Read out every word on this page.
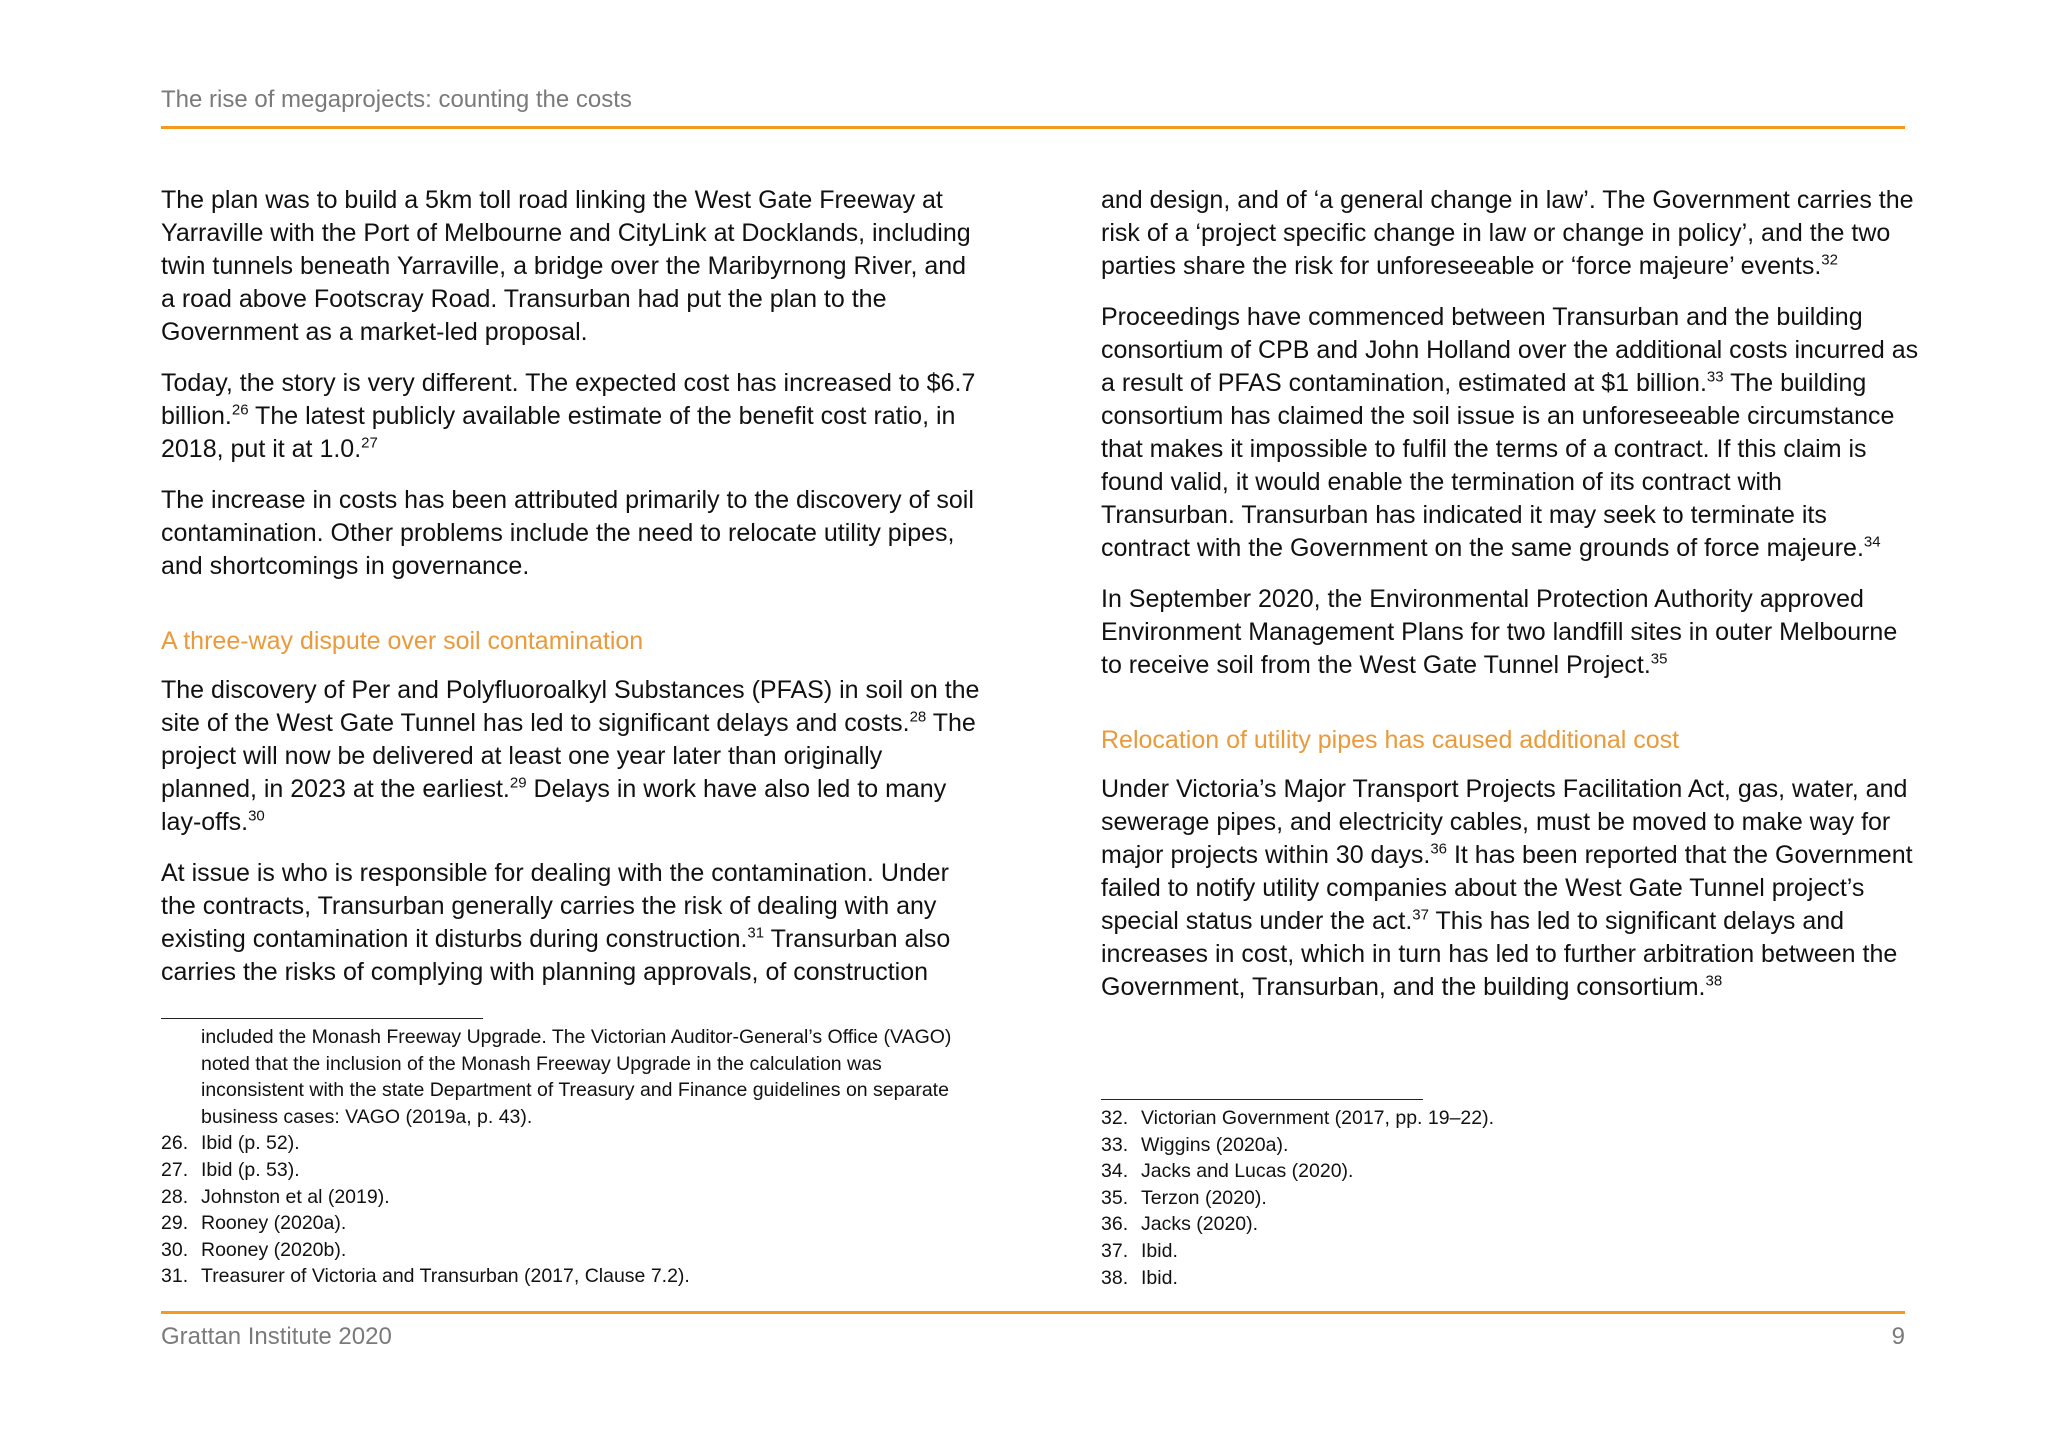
The rise of megaprojects: counting the costs

The plan was to build a 5km toll road linking the West Gate Freeway at Yarraville with the Port of Melbourne and CityLink at Docklands, including twin tunnels beneath Yarraville, a bridge over the Maribyrnong River, and a road above Footscray Road. Transurban had put the plan to the Government as a market-led proposal.

Today, the story is very different. The expected cost has increased to $6.7 billion.$^{26}$ The latest publicly available estimate of the benefit cost ratio, in 2018, put it at 1.0.27

The increase in costs has been attributed primarily to the discovery of soil contamination. Other problems include the need to relocate utility pipes, and shortcomings in governance.

A three-way dispute over soil contamination

The discovery of Per and Polyfluoroalkyl Substances (PFAS) in soil on the site of the West Gate Tunnel has led to significant delays and costs.$^{28}$ The project will now be delivered at least one year later than originally planned, in 2023 at the earliest.$^{29}$ Delays in work have also led to many lay-offs.$^{30}$

At issue is who is responsible for dealing with the contamination. Under the contracts, Transurban generally carries the risk of dealing with any existing contamination it disturbs during construction.$^{31}$ Transurban also carries the risks of complying with planning approvals, of construction

and design, and of ‘a general change in law’. The Government carries the risk of a ‘project specific change in law or change in policy’, and the two parties share the risk for unforeseeable or ‘force majeure’ events.$^{32}$

Proceedings have commenced between Transurban and the building consortium of CPB and John Holland over the additional costs incurred as a result of PFAS contamination, estimated at $1 billion.$^{33}$ The building consortium has claimed the soil issue is an unforeseeable circumstance that makes it impossible to fulfil the terms of a contract. If this claim is found valid, it would enable the termination of its contract with Transurban. Transurban has indicated it may seek to terminate its contract with the Government on the same grounds of force majeure.$^{34}$

In September 2020, the Environmental Protection Authority approved Environment Management Plans for two landfill sites in outer Melbourne to receive soil from the West Gate Tunnel Project.$^{35}$

Relocation of utility pipes has caused additional cost

Under Victoria’s Major Transport Projects Facilitation Act, gas, water, and sewerage pipes, and electricity cables, must be moved to make way for major projects within 30 days.$^{36}$ It has been reported that the Government failed to notify utility companies about the West Gate Tunnel project’s special status under the act.$^{37}$ This has led to significant delays and increases in cost, which in turn has led to further arbitration between the Government, Transurban, and the building consortium.$^{38}$

included the Monash Freeway Upgrade. The Victorian Auditor-General’s Office (VAGO) noted that the inclusion of the Monash Freeway Upgrade in the calculation was inconsistent with the state Department of Treasury and Finance guidelines on separate business cases: VAGO (2019a, p. 43).
26. Ibid (p. 52).
27. Ibid (p. 53).
28. Johnston et al (2019).
29. Rooney (2020a).
30. Rooney (2020b).
31. Treasurer of Victoria and Transurban (2017, Clause 7.2).
32. Victorian Government (2017, pp. 19–22).
33. Wiggins (2020a).
34. Jacks and Lucas (2020).
35. Terzon (2020).
36. Jacks (2020).
37. Ibid.
38. Ibid.
Grattan Institute 2020	9
